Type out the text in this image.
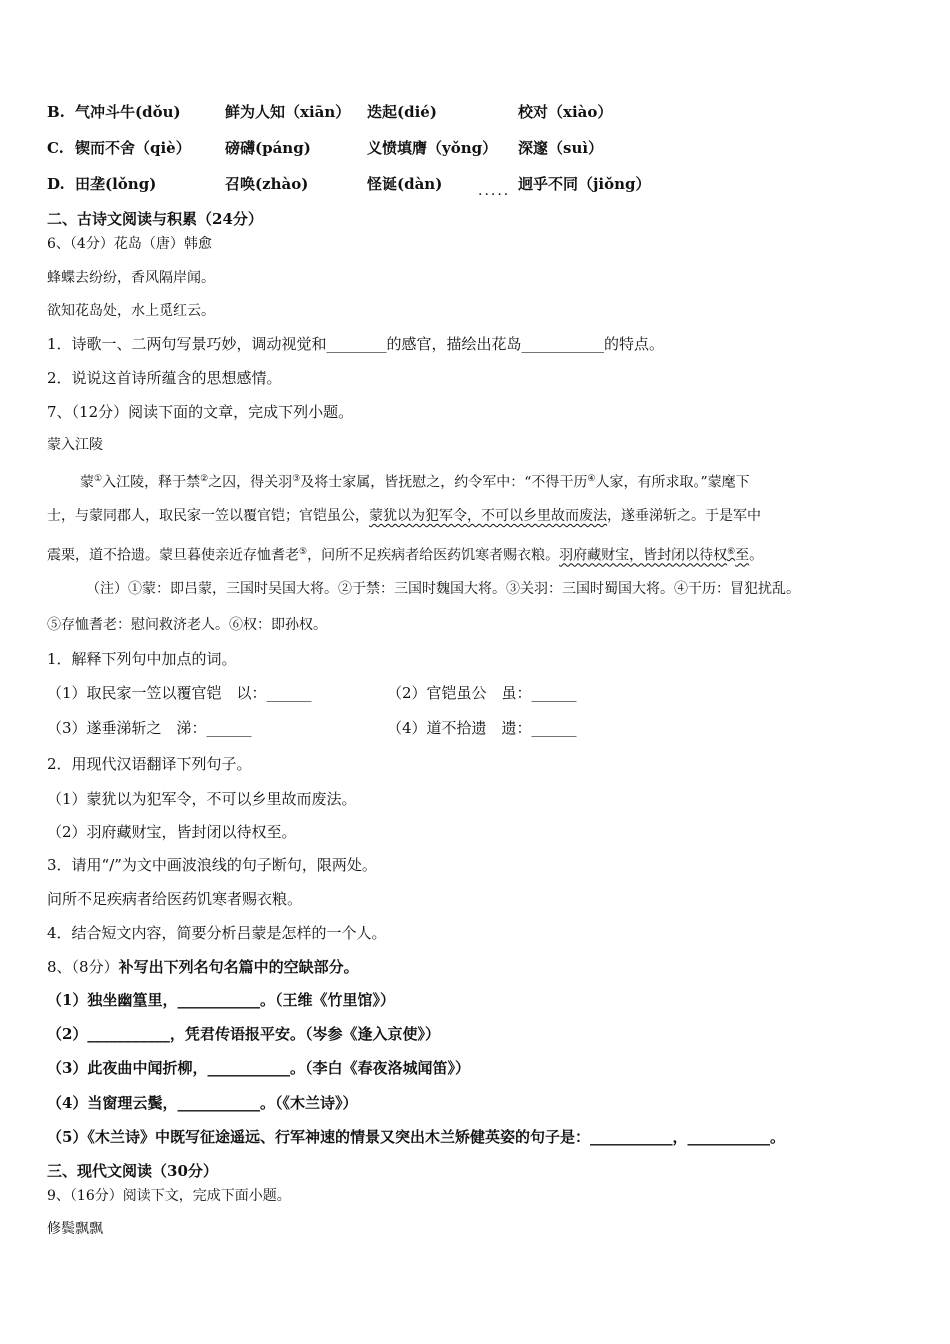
B. 气冲斗牛(dǒu)	鲜为人知（xiān） 迭起(dié)	校对（xiào）
C. 锲而不舍（qiè） 磅礴(páng)	义愤填膺（yǒng） 深邃（suì）
D. 田垄(lǒng)	召唤(zhào)	怪诞(dàn)	..... 迥乎不同（jiǒng）
二、古诗文阅读与积累（24分）
6、（4分）花岛（唐）韩愈
蜂蝶去纷纷，香风隔岸闻。
欲知花岛处，水上觅红云。
1．诗歌一、二两句写景巧妙，调动视觉和________的感官，描绘出花岛___________的特点。
2．说说这首诗所蕴含的思想感情。
7、（12分）阅读下面的文章，完成下列小题。
蒙入江陵
蒙①入江陵，释于禁②之囚，得关羽③及将士家属，皆抚慰之，约令军中：“不得干历④人家，有所求取。”蒙麾下
士，与蒙同郡人，取民家一笠以覆官铠；官铠虽公，蒙犹以为犯军令，不可以乡里故而废法，遂垂涕斩之。于是军中
震栗，道不拾遗。蒙旦暮使亲近存恤耆老⑤，问所不足疾病者给医药饥寒者赐衣粮。羽府藏财宝，皆封闭以待权⑥至。
（注）①蒙：即吕蒙，三国时吴国大将。②于禁：三国时魏国大将。③关羽：三国时蜀国大将。④干历：冒犯扰乱。
⑤存恤耆老：慰问救济老人。⑥权：即孙权。
1．解释下列句中加点的词。
（1）取民家一笠以覆官铠　以：______	（2）官铠虽公　虽：______
（3）遂垂涕斩之　涕：______	（4）道不拾遗　遗：______
2．用现代汉语翻译下列句子。
（1）蒙犹以为犯军令，不可以乡里故而废法。
（2）羽府藏财宝，皆封闭以待权至。
3．请用“/”为文中画波浪线的句子断句，限两处。
问所不足疾病者给医药饥寒者赐衣粮。
4．结合短文内容，简要分析吕蒙是怎样的一个人。
8、（8分）补写出下列名句名篇中的空缺部分。
（1）独坐幽篁里，___________。（王维《竹里馆》）
（2）___________，凭君传语报平安。（岑参《逢入京使》）
（3）此夜曲中闻折柳，___________。（李白《春夜洛城闻笛》）
（4）当窗理云鬓，___________。（《木兰诗》）
（5）《木兰诗》中既写征途遥远、行军神速的情景又突出木兰矫健英姿的句子是：___________，___________。
三、现代文阅读（30分）
9、（16分）阅读下文，完成下面小题。
修鬓飘飘
